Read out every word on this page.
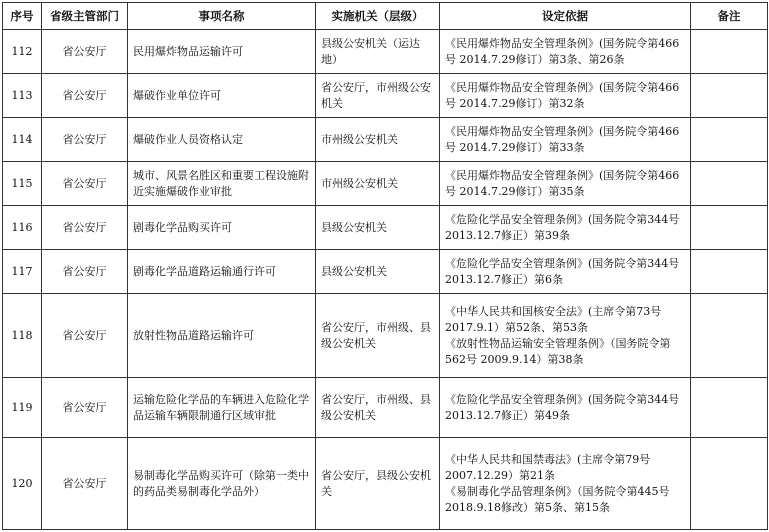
序号	省级主管部门	事项名称	实施机关（层级）	设定依据	备注
112	省公安厅	民用爆炸物品运输许可	县级公安机关（运达地）	《民用爆炸物品安全管理条例》(国务院令第466号 2014.7.29修订）第3条、第26条	

113	省公安厅	爆破作业单位许可	省公安厅，市州级公安机关	《民用爆炸物品安全管理条例》(国务院令第466号 2014.7.29修订）第32条	

114	省公安厅	爆破作业人员资格认定	市州级公安机关	《民用爆炸物品安全管理条例》(国务院令第466号 2014.7.29修订）第33条	

115	省公安厅	城市、风景名胜区和重要工程设施附近实施爆破作业审批	市州级公安机关	《民用爆炸物品安全管理条例》(国务院令第466号 2014.7.29修订）第35条	

116	省公安厅	剧毒化学品购买许可	县级公安机关	《危险化学品安全管理条例》(国务院令第344号 2013.12.7修正）第39条	

117	省公安厅	剧毒化学品道路运输通行许可	县级公安机关	《危险化学品安全管理条例》(国务院令第344号 2013.12.7修正）第6条	

118	省公安厅	放射性物品道路运输许可	省公安厅，市州级、县级公安机关	《中华人民共和国核安全法》(主席令第73号 2017.9.1）第52条、第53条
《放射性物品运输安全管理条例》（国务院令第562号 2009.9.14）第38条	

119	省公安厅	运输危险化学品的车辆进入危险化学品运输车辆限制通行区域审批	省公安厅，市州级、县级公安机关	《危险化学品安全管理条例》(国务院令第344号 2013.12.7修正）第49条	

120	省公安厅	易制毒化学品购买许可（除第一类中的药品类易制毒化学品外）	省公安厅，县级公安机关	《中华人民共和国禁毒法》(主席令第79号 2007.12.29）第21条
《易制毒化学品管理条例》（国务院令第445号 2018.9.18修改）第5条、第15条	
